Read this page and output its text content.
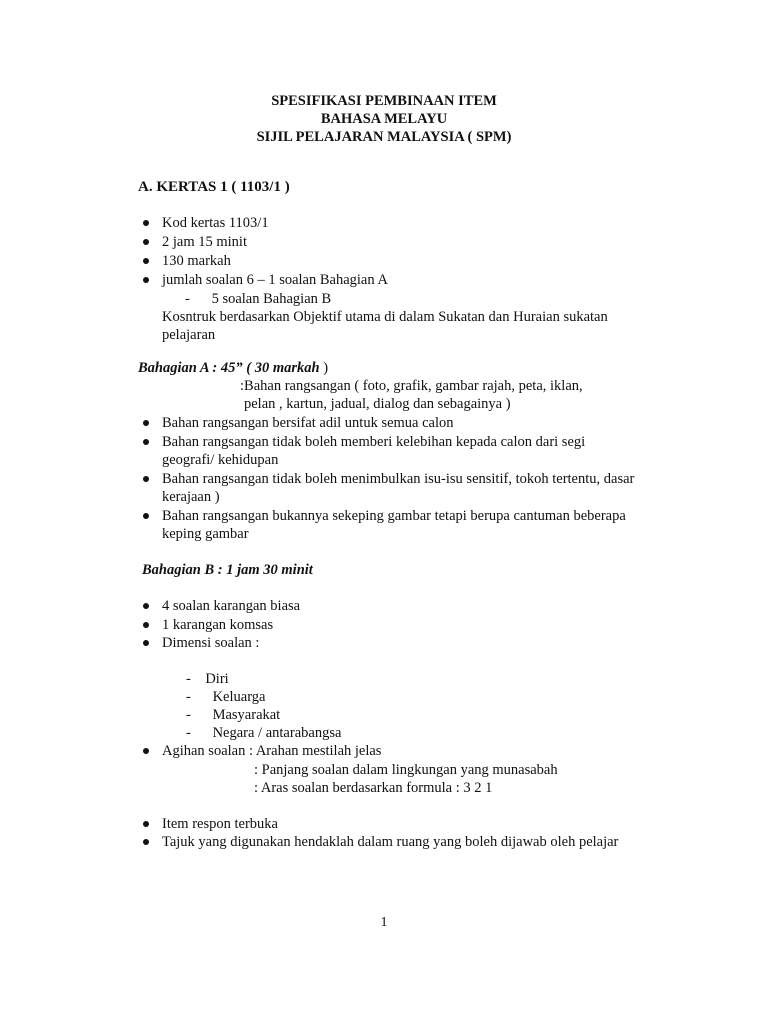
SPESIFIKASI PEMBINAAN ITEM
BAHASA MELAYU
SIJIL PELAJARAN MALAYSIA ( SPM)
A. KERTAS 1 ( 1103/1 )
Kod kertas 1103/1
2 jam 15 minit
130 markah
jumlah soalan 6 – 1 soalan Bahagian A
-      5 soalan Bahagian B
Kosntruk berdasarkan Objektif utama di dalam Sukatan dan Huraian sukatan
pelajaran
Bahagian A : 45” ( 30 markah )
:Bahan rangsangan ( foto, grafik, gambar rajah, peta, iklan,
pelan , kartun, jadual, dialog dan sebagainya )
Bahan rangsangan bersifat adil untuk semua calon
Bahan rangsangan tidak boleh memberi kelebihan kepada calon dari segi
geografi/ kehidupan
Bahan rangsangan tidak boleh menimbulkan isu-isu sensitif, tokoh tertentu, dasar
kerajaan )
Bahan rangsangan bukannya sekeping gambar tetapi berupa cantuman beberapa
keping gambar
Bahagian B : 1 jam 30 minit
4 soalan karangan biasa
1 karangan komsas
Dimensi soalan :
-    Diri
-      Keluarga
-      Masyarakat
-      Negara / antarabangsa
Agihan soalan : Arahan mestilah jelas
: Panjang soalan dalam lingkungan yang munasabah
: Aras soalan berdasarkan formula : 3 2 1
Item respon terbuka
Tajuk yang digunakan hendaklah dalam ruang yang boleh dijawab oleh pelajar
1
